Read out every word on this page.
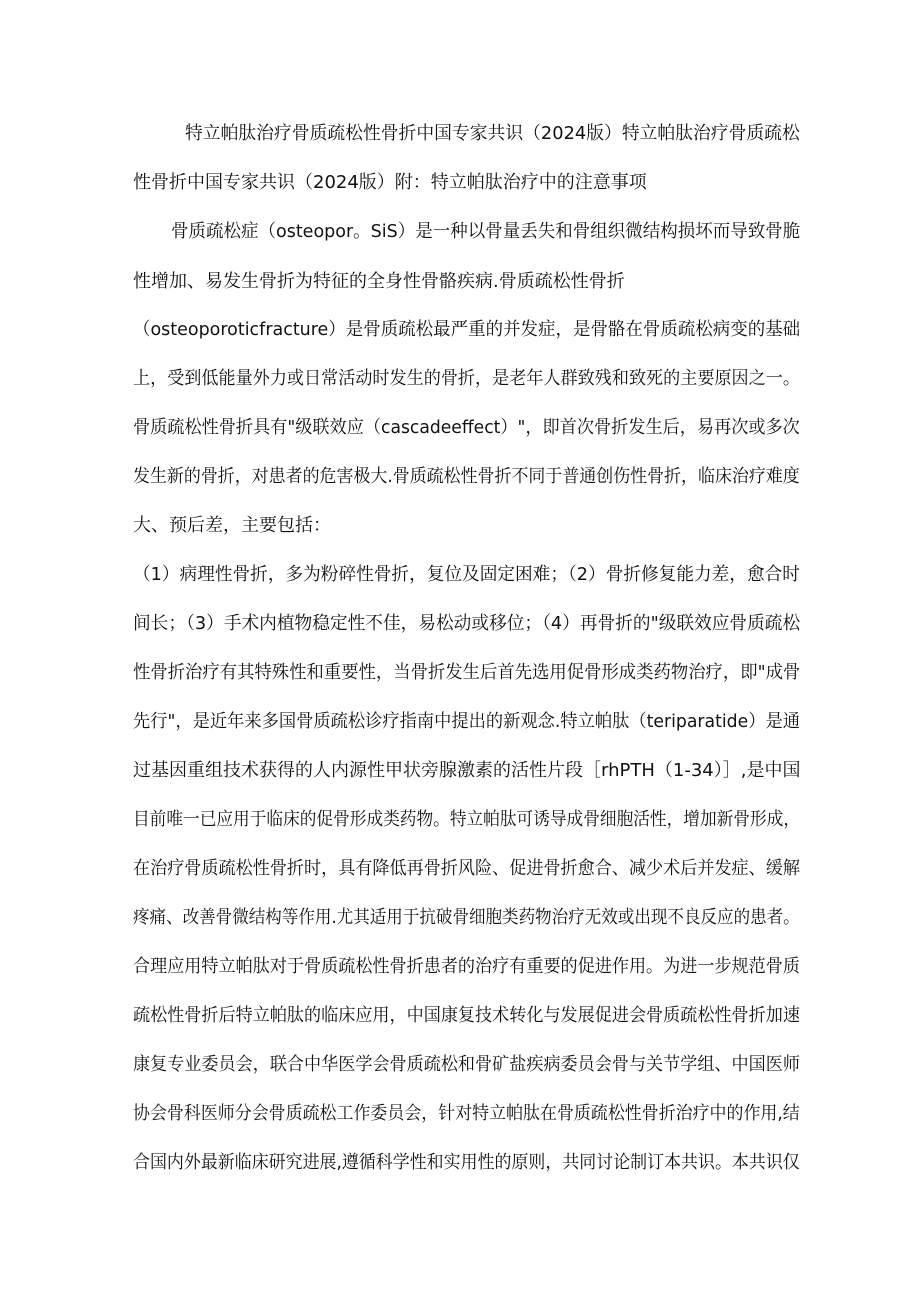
特立帕肽治疗骨质疏松性骨折中国专家共识（2024版）特立帕肽治疗骨质疏松
性骨折中国专家共识（2024版）附：特立帕肽治疗中的注意事项
骨质疏松症（osteopor。SiS）是一种以骨量丢失和骨组织微结构损坏而导致骨脆
性增加、易发生骨折为特征的全身性骨骼疾病.骨质疏松性骨折
（osteoporoticfracture）是骨质疏松最严重的并发症，是骨骼在骨质疏松病变的基础
上，受到低能量外力或日常活动时发生的骨折，是老年人群致残和致死的主要原因之一。
骨质疏松性骨折具有"级联效应（cascadeeffect）"，即首次骨折发生后，易再次或多次
发生新的骨折，对患者的危害极大.骨质疏松性骨折不同于普通创伤性骨折，临床治疗难度
大、预后差，主要包括：
（1）病理性骨折，多为粉碎性骨折，复位及固定困难；（2）骨折修复能力差，愈合时
间长；（3）手术内植物稳定性不佳，易松动或移位；（4）再骨折的"级联效应骨质疏松
性骨折治疗有其特殊性和重要性，当骨折发生后首先选用促骨形成类药物治疗，即"成骨
先行"，是近年来多国骨质疏松诊疗指南中提出的新观念.特立帕肽（teriparatide）是通
过基因重组技术获得的人内源性甲状旁腺激素的活性片段［rhPTH（1-34）］,是中国
目前唯一已应用于临床的促骨形成类药物。特立帕肽可诱导成骨细胞活性，增加新骨形成，
在治疗骨质疏松性骨折时，具有降低再骨折风险、促进骨折愈合、减少术后并发症、缓解
疼痛、改善骨微结构等作用.尤其适用于抗破骨细胞类药物治疗无效或出现不良反应的患者。
合理应用特立帕肽对于骨质疏松性骨折患者的治疗有重要的促进作用。为进一步规范骨质
疏松性骨折后特立帕肽的临床应用，中国康复技术转化与发展促进会骨质疏松性骨折加速
康复专业委员会，联合中华医学会骨质疏松和骨矿盐疾病委员会骨与关节学组、中国医师
协会骨科医师分会骨质疏松工作委员会，针对特立帕肽在骨质疏松性骨折治疗中的作用,结
合国内外最新临床研究进展,遵循科学性和实用性的原则，共同讨论制订本共识。本共识仅
